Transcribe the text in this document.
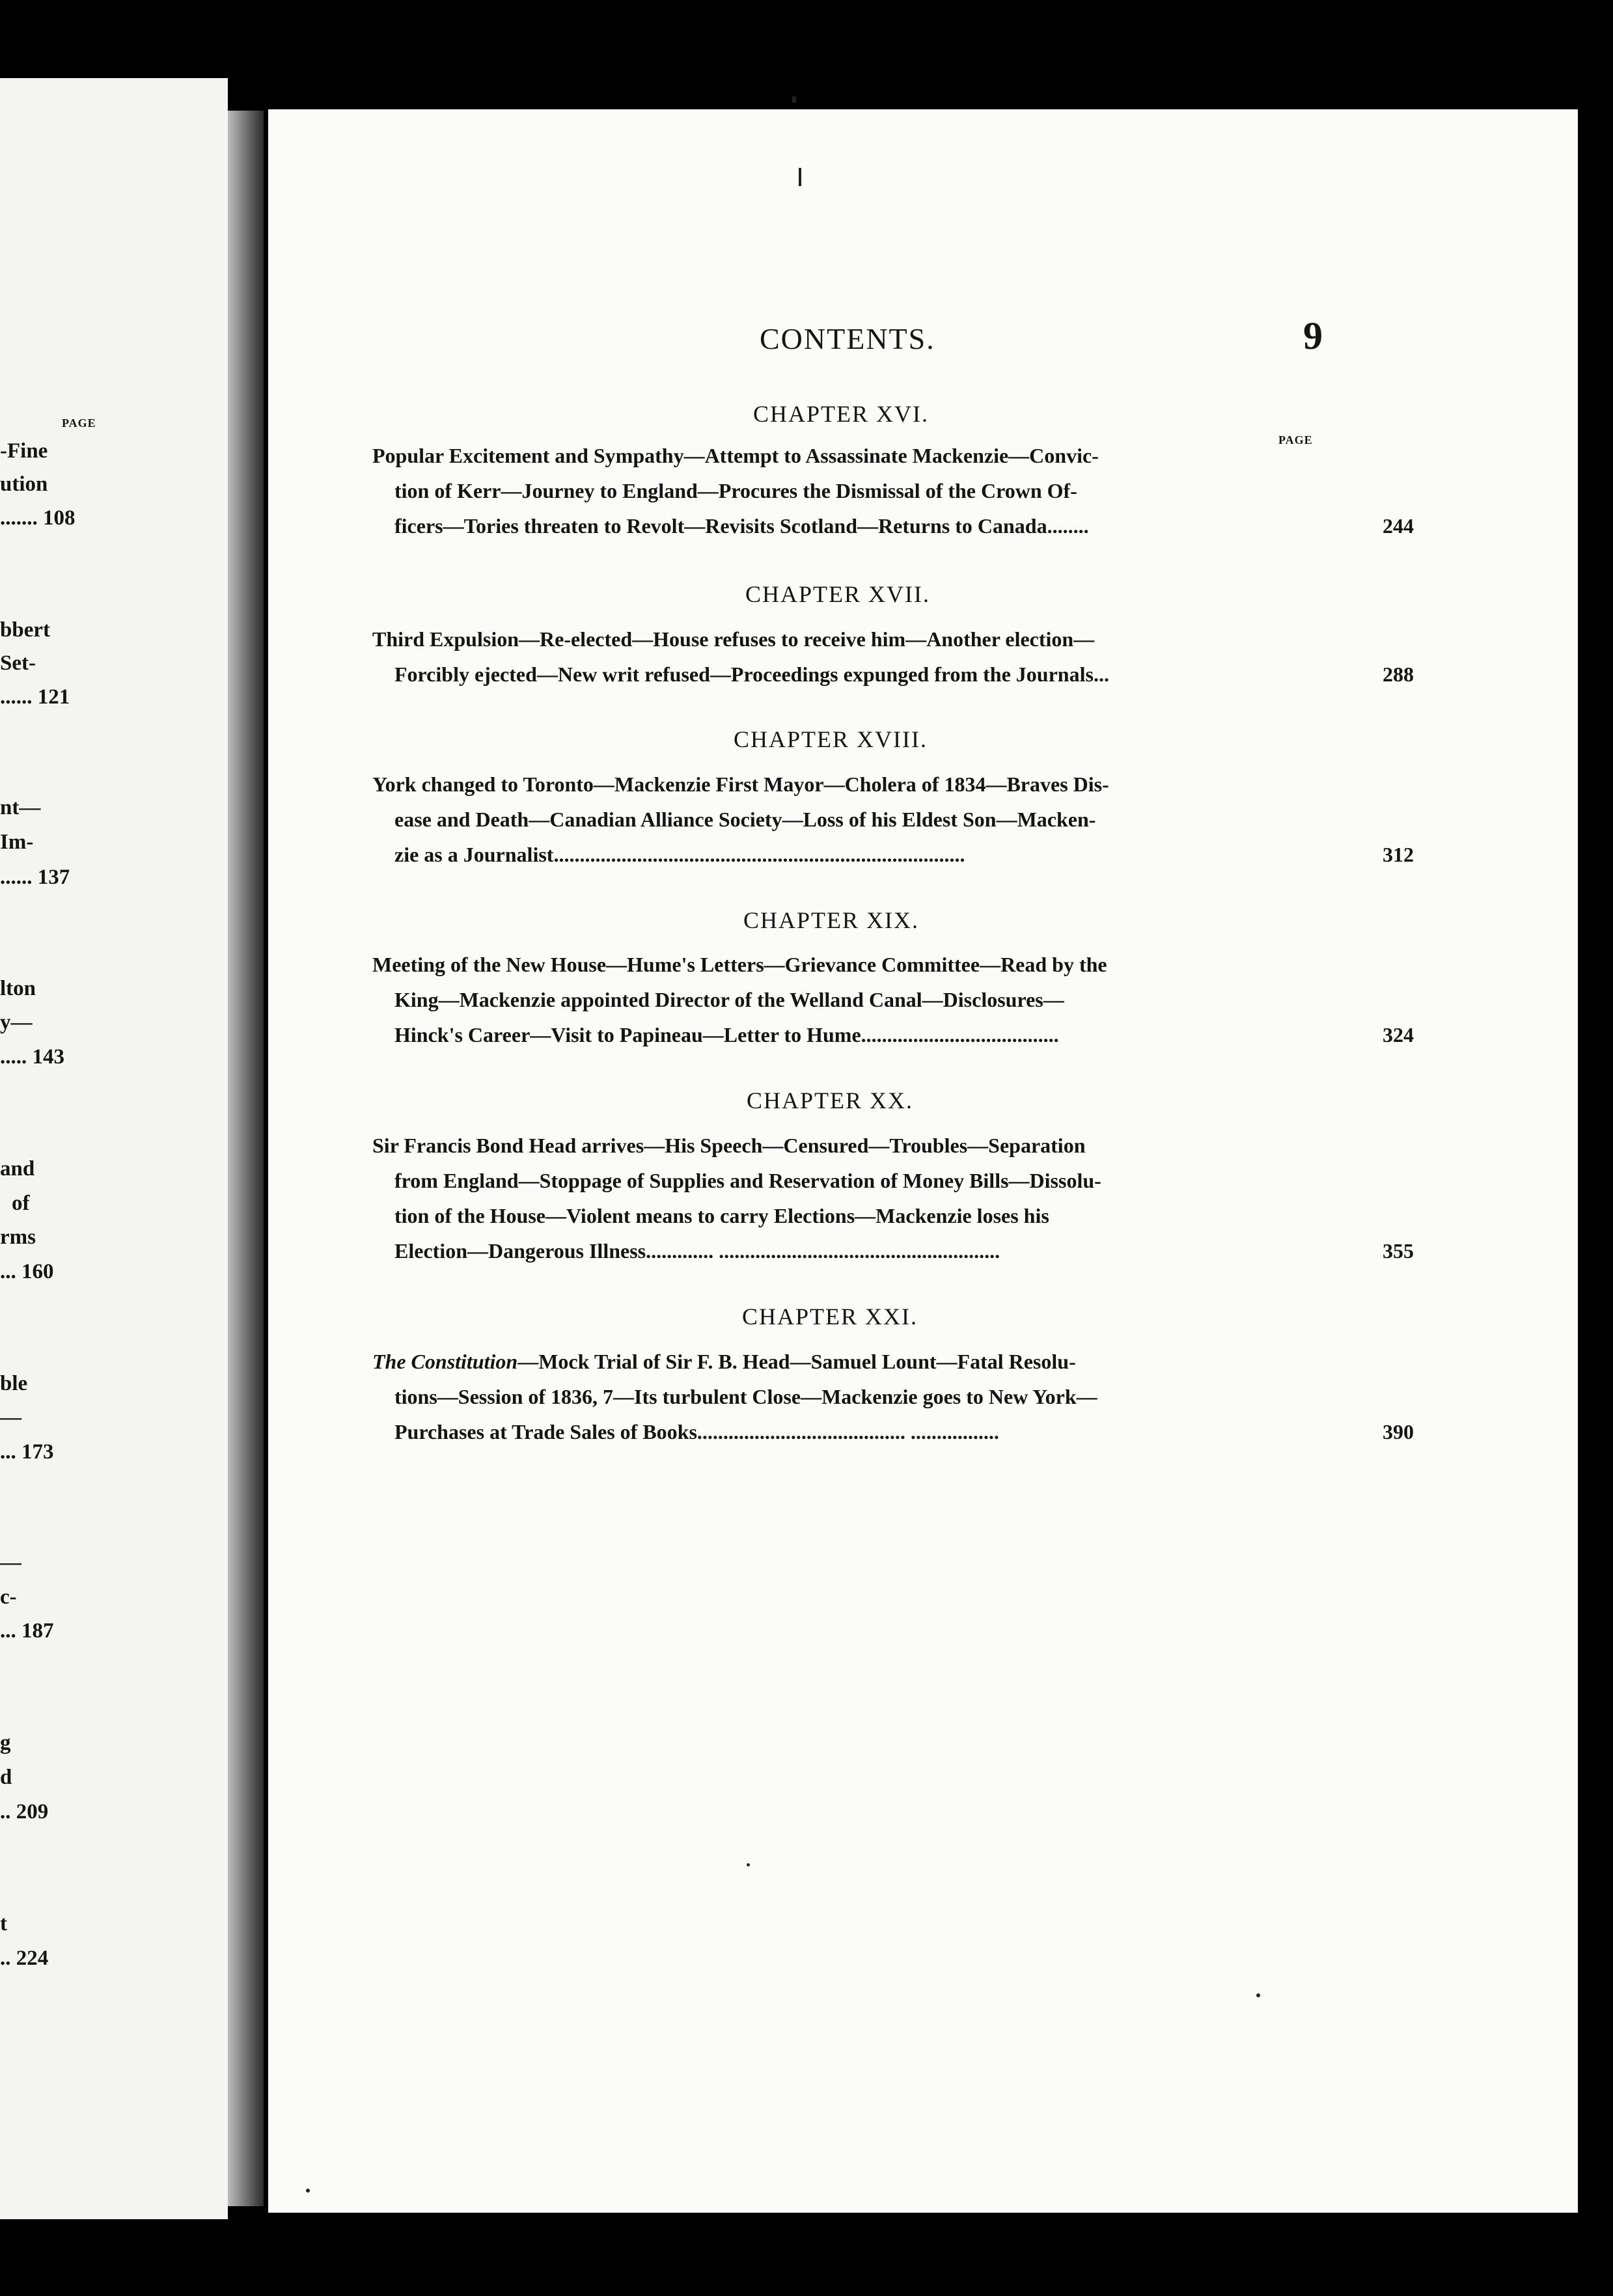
PAGE
-Fine
ution
....... 108
bbert
Set-
...... 121
nt—
Im-
...... 137
lton
y—
..... 143
and
of
rms
... 160
ble
—
... 173
—
c-
... 187
g
d
.. 209
t
.. 224
CONTENTS.	9
CHAPTER XVI.
PAGE
Popular Excitement and Sympathy—Attempt to Assassinate Mackenzie—Convic-
tion of Kerr—Journey to England—Procures the Dismissal of the Crown Of-
ficers—Tories threaten to Revolt—Revisits Scotland—Returns to Canada........	244
CHAPTER XVII.
Third Expulsion—Re-elected—House refuses to receive him—Another election—
Forcibly ejected—New writ refused—Proceedings expunged from the Journals...	288
CHAPTER XVIII.
York changed to Toronto—Mackenzie First Mayor—Cholera of 1834—Braves Dis-
ease and Death—Canadian Alliance Society—Loss of his Eldest Son—Macken-
zie as a Journalist...............................................................................	312
CHAPTER XIX.
Meeting of the New House—Hume's Letters—Grievance Committee—Read by the
King—Mackenzie appointed Director of the Welland Canal—Disclosures—
Hinck's Career—Visit to Papineau—Letter to Hume......................................	324
CHAPTER XX.
Sir Francis Bond Head arrives—His Speech—Censured—Troubles—Separation
from England—Stoppage of Supplies and Reservation of Money Bills—Dissolu-
tion of the House—Violent means to carry Elections—Mackenzie loses his
Election—Dangerous Illness............. ......................................................	355
CHAPTER XXI.
The Constitution—Mock Trial of Sir F. B. Head—Samuel Lount—Fatal Resolu-
tions—Session of 1836, 7—Its turbulent Close—Mackenzie goes to New York—
Purchases at Trade Sales of Books........................................ .................	390
